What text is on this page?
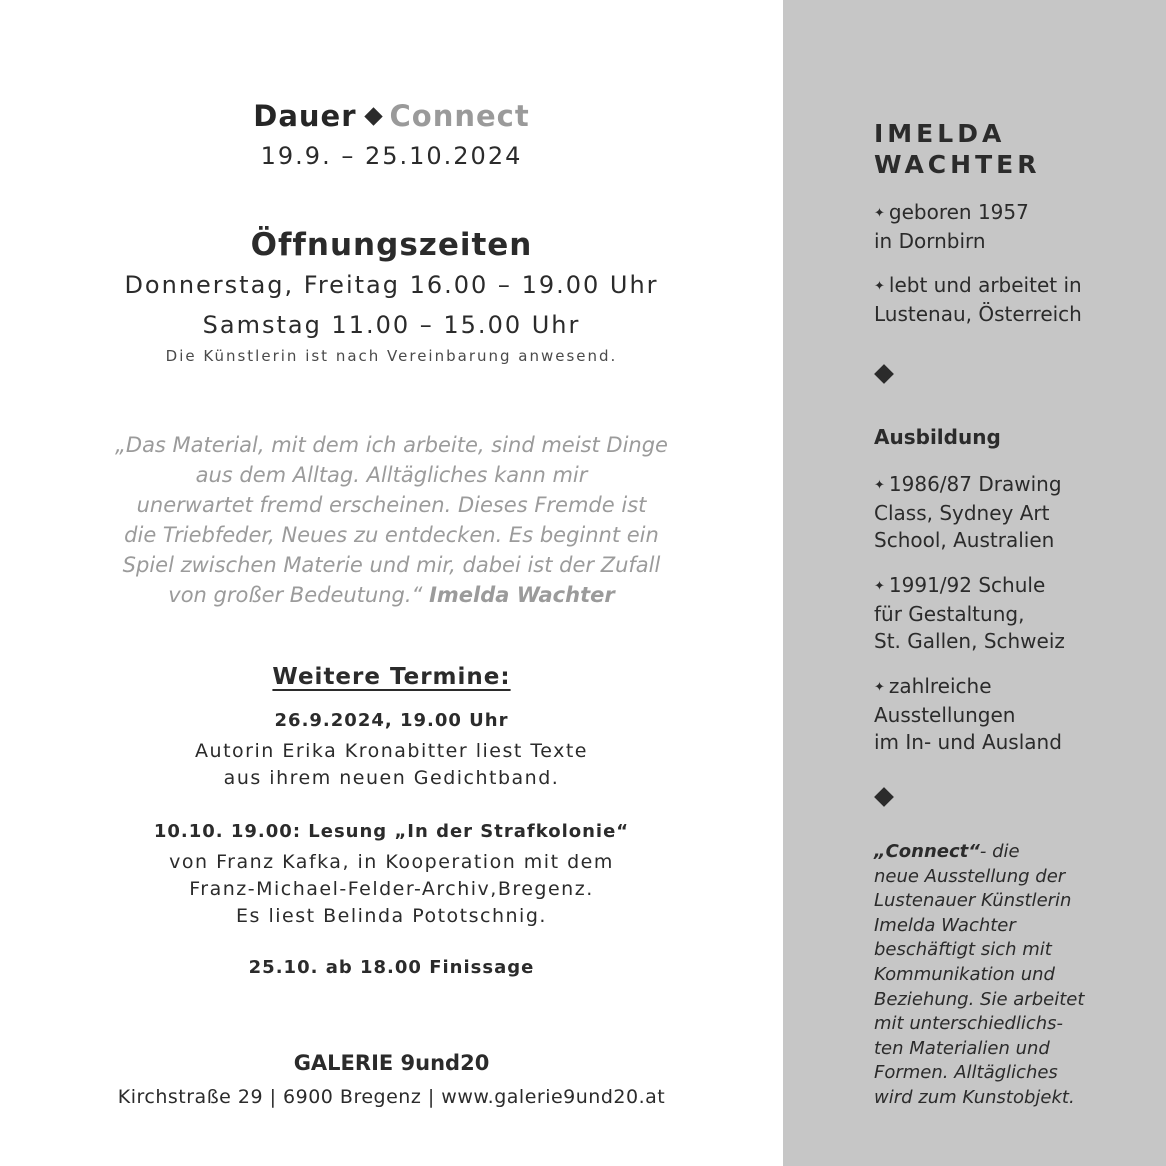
Dauer Connect
19.9. – 25.10.2024
Öffnungszeiten
Donnerstag, Freitag 16.00 – 19.00 Uhr
Samstag 11.00 – 15.00 Uhr
Die Künstlerin ist nach Vereinbarung anwesend.
„Das Material, mit dem ich arbeite, sind meist Dinge
aus dem Alltag. Alltägliches kann mir
unerwartet fremd erscheinen. Dieses Fremde ist
die Triebfeder, Neues zu entdecken. Es beginnt ein
Spiel zwischen Materie und mir, dabei ist der Zufall
von großer Bedeutung.“ Imelda Wachter
Weitere Termine:
26.9.2024, 19.00 Uhr
Autorin Erika Kronabitter liest Texte
aus ihrem neuen Gedichtband.
10.10. 19.00: Lesung „In der Strafkolonie“
von Franz Kafka, in Kooperation mit dem
Franz-Michael-Felder-Archiv,Bregenz.
Es liest Belinda Pototschnig.
25.10. ab 18.00 Finissage
GALERIE 9und20
Kirchstraße 29 | 6900 Bregenz | www.galerie9und20.at
IMELDA
WACHTER
✦ geboren 1957
in Dornbirn
✦ lebt und arbeitet in
Lustenau, Österreich
Ausbildung
✦ 1986/87 Drawing
Class, Sydney Art
School, Australien
✦ 1991/92 Schule
für Gestaltung,
St. Gallen, Schweiz
✦ zahlreiche
Ausstellungen
im In- und Ausland
„Connect“- die
neue Ausstellung der
Lustenauer Künstlerin
Imelda Wachter
beschäftigt sich mit
Kommunikation und
Beziehung. Sie arbeitet
mit unterschiedlichs-
ten Materialien und
Formen. Alltägliches
wird zum Kunstobjekt.
